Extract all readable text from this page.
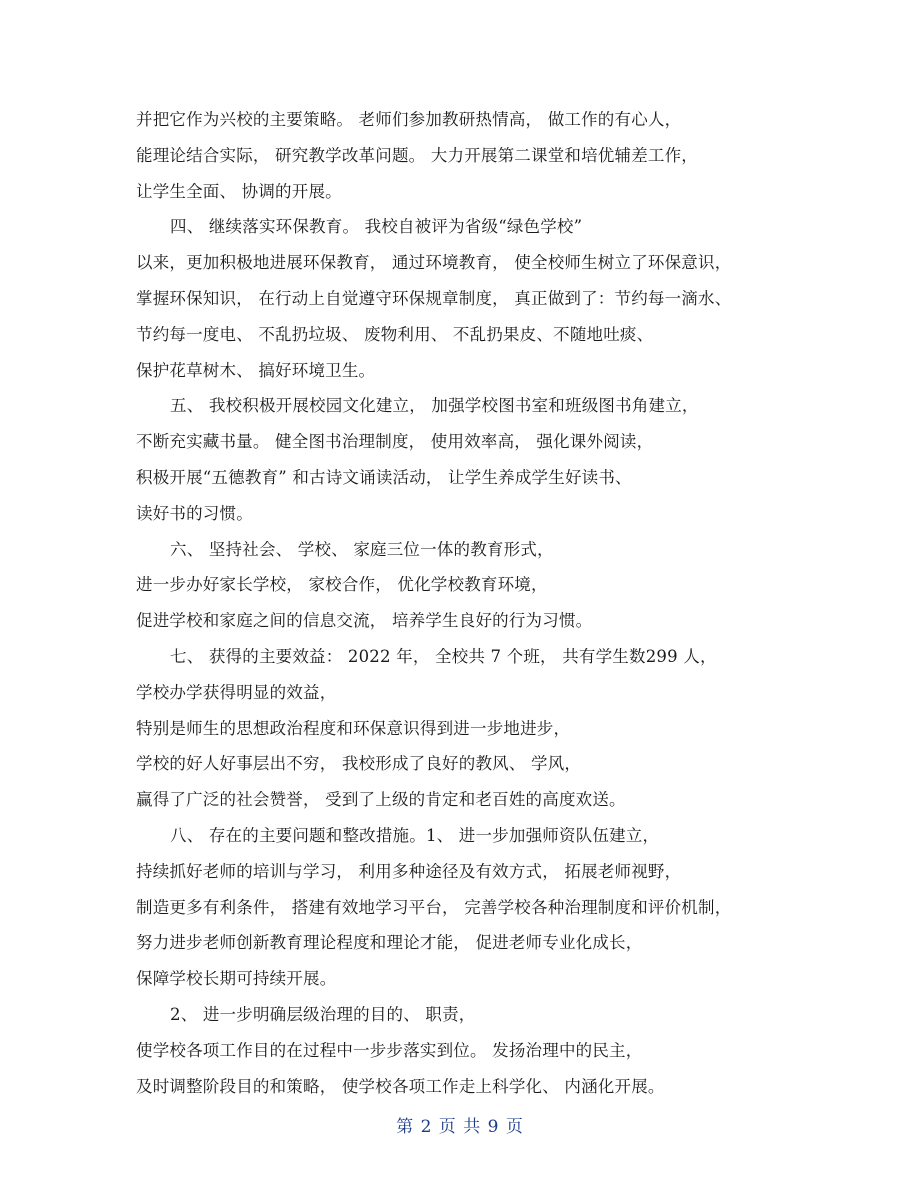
并把它作为兴校的主要策略。 老师们参加教研热情高， 做工作的有心人，
能理论结合实际， 研究教学改革问题。 大力开展第二课堂和培优辅差工作，
让学生全面、 协调的开展。
四、 继续落实环保教育。 我校自被评为省级“绿色学校”
以来，更加积极地进展环保教育， 通过环境教育， 使全校师生树立了环保意识，
掌握环保知识， 在行动上自觉遵守环保规章制度， 真正做到了：节约每一滴水、
节约每一度电、 不乱扔垃圾、 废物利用、 不乱扔果皮、不随地吐痰、
保护花草树木、 搞好环境卫生。
五、 我校积极开展校园文化建立， 加强学校图书室和班级图书角建立，
不断充实藏书量。 健全图书治理制度， 使用效率高， 强化课外阅读，
积极开展“五德教育” 和古诗文诵读活动， 让学生养成学生好读书、
读好书的习惯。
六、 坚持社会、 学校、 家庭三位一体的教育形式，
进一步办好家长学校， 家校合作， 优化学校教育环境，
促进学校和家庭之间的信息交流， 培养学生良好的行为习惯。
七、 获得的主要效益： 2022 年， 全校共 7 个班， 共有学生数299 人，
学校办学获得明显的效益，
特别是师生的思想政治程度和环保意识得到进一步地进步，
学校的好人好事层出不穷， 我校形成了良好的教风、 学风，
赢得了广泛的社会赞誉， 受到了上级的肯定和老百姓的高度欢送。
八、 存在的主要问题和整改措施。1、 进一步加强师资队伍建立，
持续抓好老师的培训与学习， 利用多种途径及有效方式， 拓展老师视野，
制造更多有利条件， 搭建有效地学习平台， 完善学校各种治理制度和评价机制，
努力进步老师创新教育理论程度和理论才能， 促进老师专业化成长，
保障学校长期可持续开展。
2、 进一步明确层级治理的目的、 职责，
使学校各项工作目的在过程中一步步落实到位。 发扬治理中的民主，
及时调整阶段目的和策略， 使学校各项工作走上科学化、 内涵化开展。
第 2 页 共 9 页
